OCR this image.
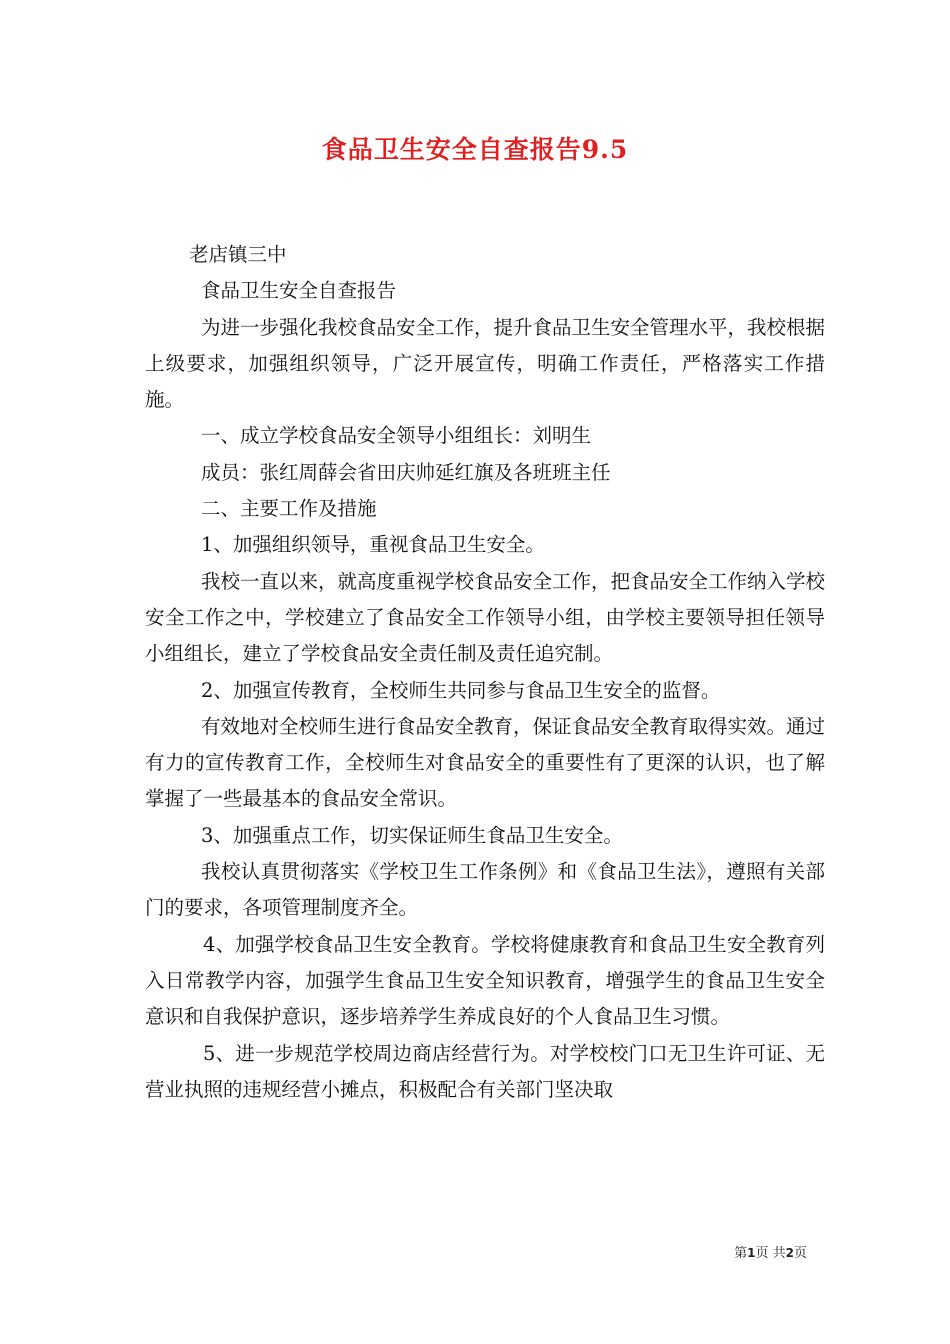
食品卫生安全自查报告9.5

老店镇三中

食品卫生安全自查报告

为进一步强化我校食品安全工作，提升食品卫生安全管理水平，我校根据上级要求，加强组织领导，广泛开展宣传，明确工作责任，严格落实工作措施。

一、成立学校食品安全领导小组组长：刘明生

成员：张红周薛会省田庆帅延红旗及各班班主任

二、主要工作及措施

1、加强组织领导，重视食品卫生安全。

我校一直以来，就高度重视学校食品安全工作，把食品安全工作纳入学校安全工作之中，学校建立了食品安全工作领导小组，由学校主要领导担任领导小组组长，建立了学校食品安全责任制及责任追究制。

2、加强宣传教育，全校师生共同参与食品卫生安全的监督。

有效地对全校师生进行食品安全教育，保证食品安全教育取得实效。通过有力的宣传教育工作，全校师生对食品安全的重要性有了更深的认识，也了解掌握了一些最基本的食品安全常识。

3、加强重点工作，切实保证师生食品卫生安全。

我校认真贯彻落实《学校卫生工作条例》和《食品卫生法》，遵照有关部门的要求，各项管理制度齐全。

4、加强学校食品卫生安全教育。学校将健康教育和食品卫生安全教育列入日常教学内容，加强学生食品卫生安全知识教育，增强学生的食品卫生安全意识和自我保护意识，逐步培养学生养成良好的个人食品卫生习惯。

5、进一步规范学校周边商店经营行为。对学校校门口无卫生许可证、无营业执照的违规经营小摊点，积极配合有关部门坚决取

第1页 共2页
